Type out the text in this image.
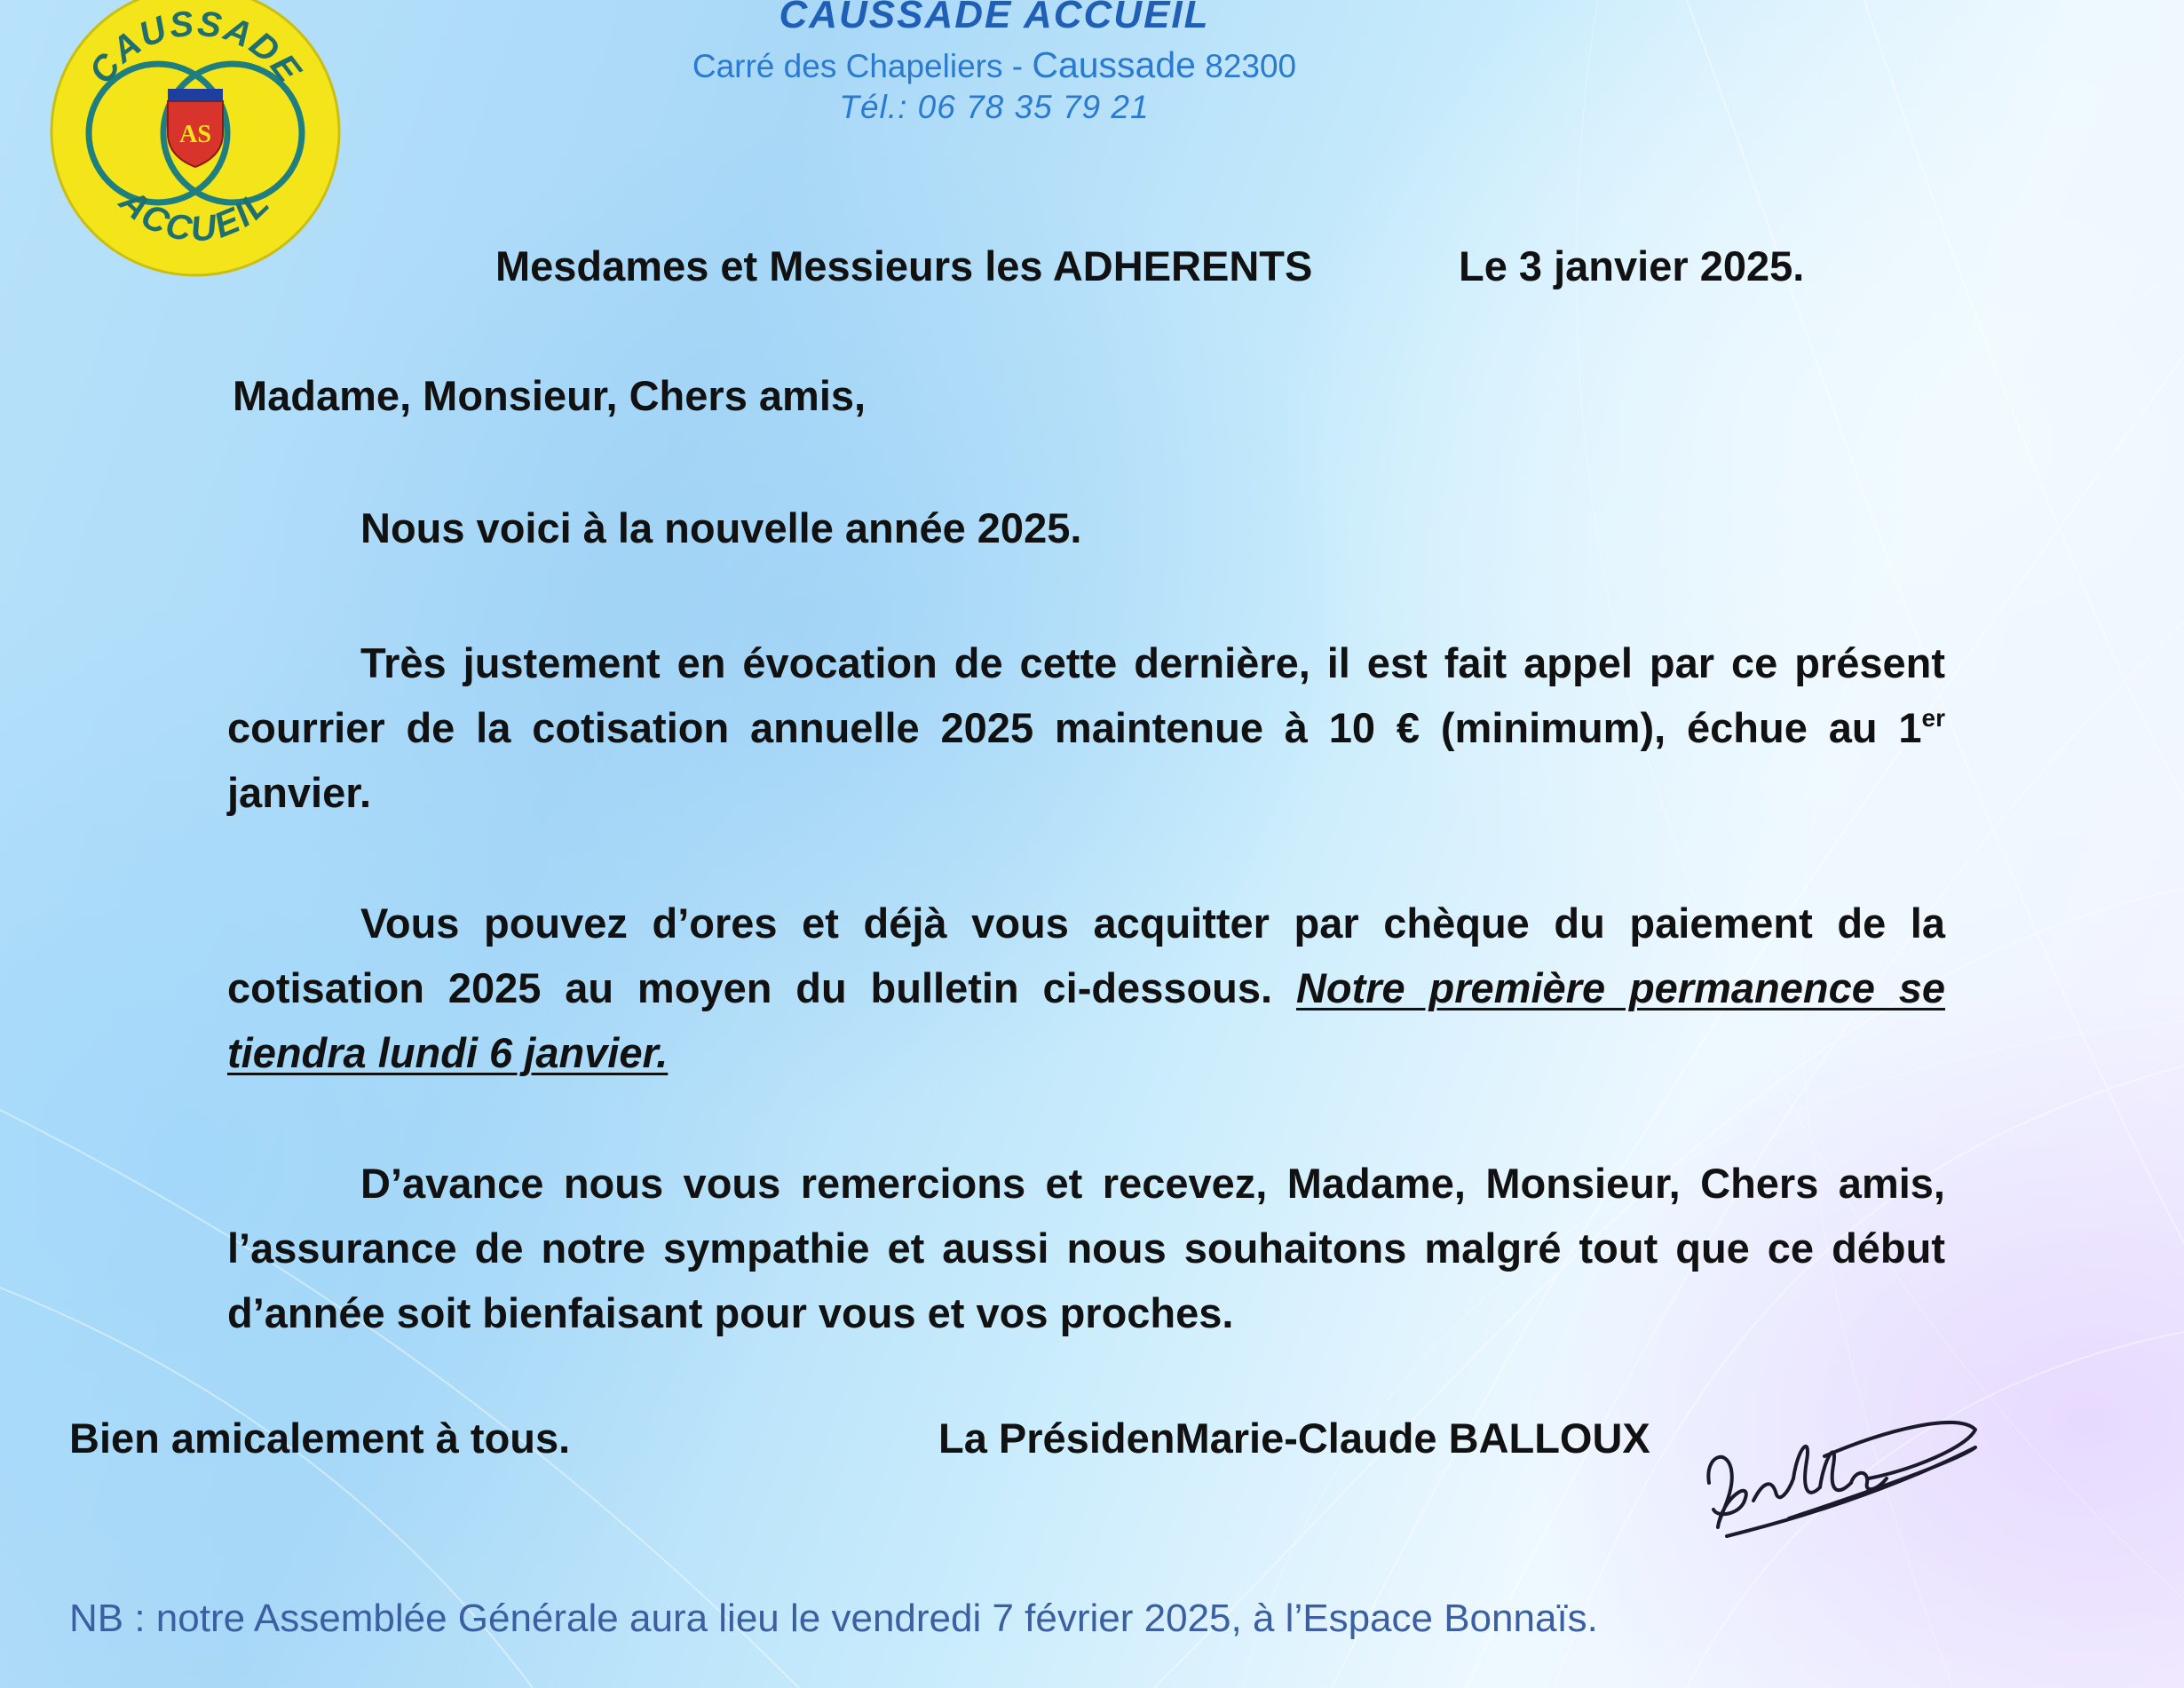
CAUSSADE
ACCUEIL
AS
CAUSSADE ACCUEIL
Carré des Chapeliers - Caussade 82300
Tél.: 06 78 35 79 21
Mesdames et Messieurs les ADHERENTS	Le 3 janvier 2025.
Madame, Monsieur, Chers amis,
Nous voici à la nouvelle année 2025.
Très justement en évocation de cette dernière, il est fait appel par ce présent courrier de la cotisation annuelle 2025 maintenue à 10 € (minimum), échue au 1er janvier.
Vous pouvez d’ores et déjà vous acquitter par chèque du paiement de la cotisation 2025 au moyen du bulletin ci-dessous. Notre première permanence se tiendra lundi 6 janvier.
D’avance nous vous remercions et recevez, Madame, Monsieur, Chers amis, l’assurance de notre sympathie et aussi nous souhaitons malgré tout que ce début d’année soit bienfaisant pour vous et vos proches.
Bien amicalement à tous.	La PrésidenMarie-Claude BALLOUX
NB : notre Assemblée Générale aura lieu le vendredi 7 février 2025, à l’Espace Bonnaïs.
